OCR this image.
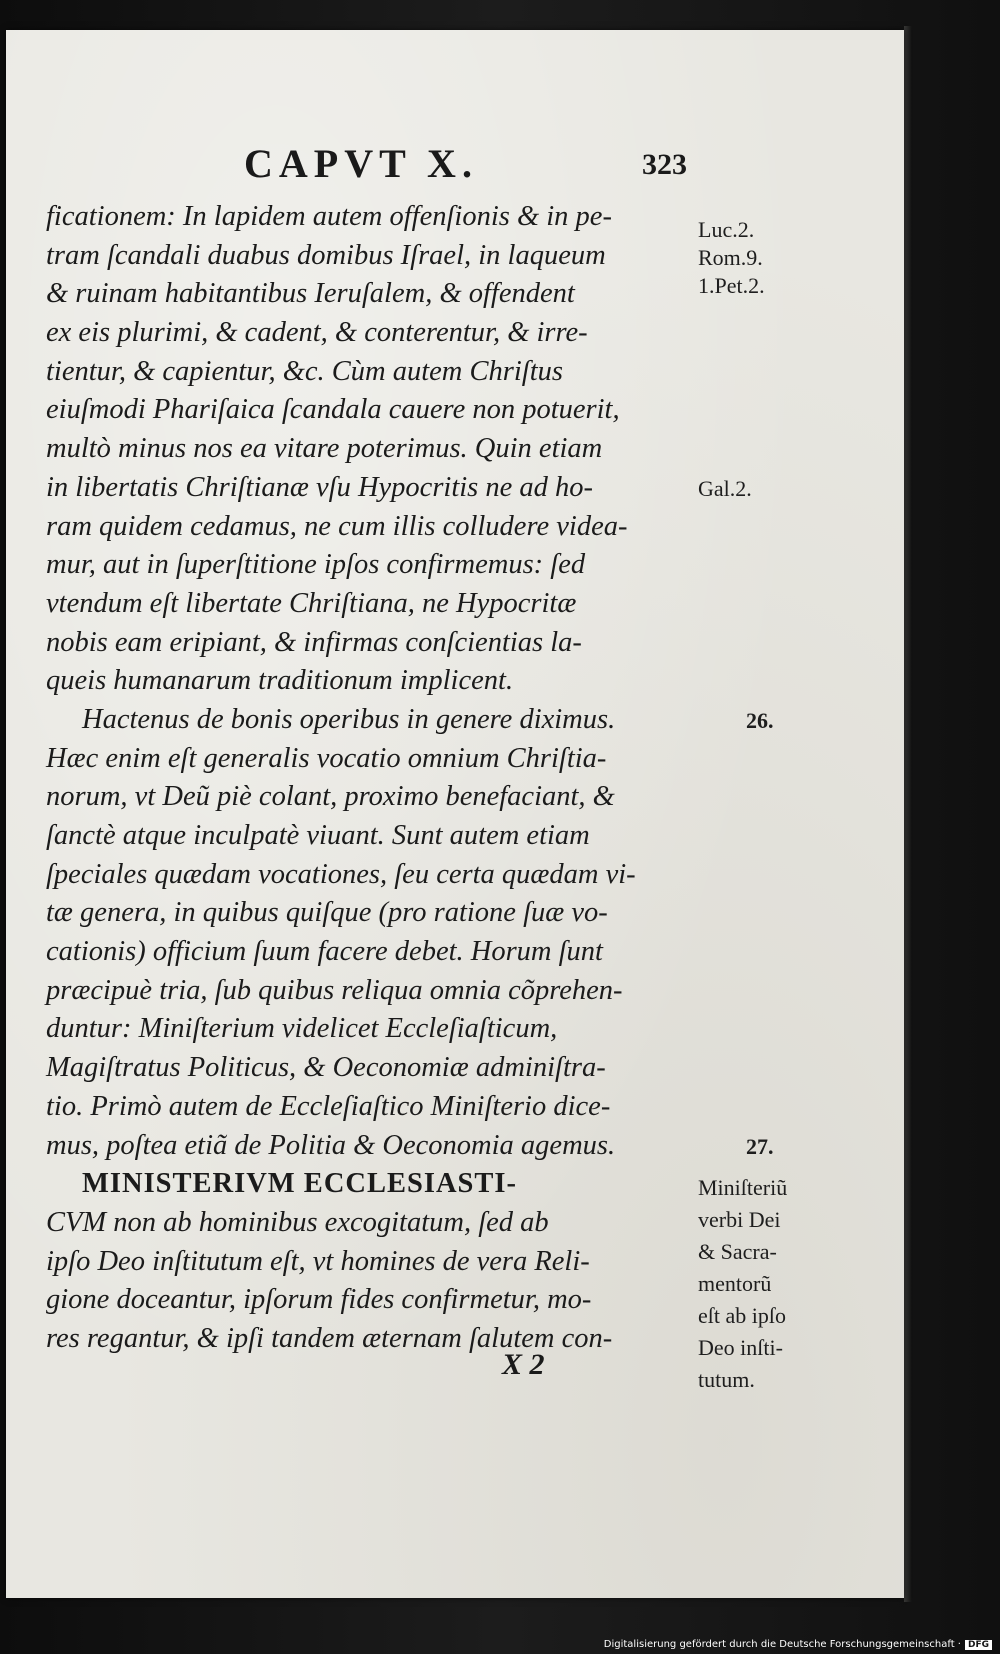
CAPVT X.	323
ficationem: In lapidem autem offenſionis & in pe-
tram ſcandali duabus domibus Iſrael, in laqueum
& ruinam habitantibus Ieruſalem, & offendent
ex eis plurimi, & cadent, & conterentur, & irre-
tientur, & capientur, &c. Cùm autem Chriſtus
eiuſmodi Phariſaica ſcandala cauere non potuerit,
multò minus nos ea vitare poterimus. Quin etiam
in libertatis Chriſtianæ vſu Hypocritis ne ad ho-
ram quidem cedamus, ne cum illis colludere videa-
mur, aut in ſuperſtitione ipſos confirmemus: ſed
vtendum eſt libertate Chriſtiana, ne Hypocritæ
nobis eam eripiant, & infirmas conſcientias la-
queis humanarum traditionum implicent.
Hactenus de bonis operibus in genere diximus.
Hæc enim eſt generalis vocatio omnium Chriſtia-
norum, vt Deũ piè colant, proximo benefaciant, &
ſanctè atque inculpatè viuant. Sunt autem etiam
ſpeciales quædam vocationes, ſeu certa quædam vi-
tæ genera, in quibus quiſque (pro ratione ſuæ vo-
cationis) officium ſuum facere debet. Horum ſunt
præcipuè tria, ſub quibus reliqua omnia cõprehen-
duntur: Miniſterium videlicet Eccleſiaſticum,
Magiſtratus Politicus, & Oeconomiæ adminiſtra-
tio. Primò autem de Eccleſiaſtico Miniſterio dice-
mus, poſtea etiã de Politia & Oeconomia agemus.
MINISTERIVM ECCLESIASTI-
CVM non ab hominibus excogitatum, ſed ab
ipſo Deo inſtitutum eſt, vt homines de vera Reli-
gione doceantur, ipſorum fides confirmetur, mo-
res regantur, & ipſi tandem æternam ſalutem con-
Luc.2.
Rom.9.
1.Pet.2.
Gal.2.
26.
27.
Miniſteriũ
verbi Dei
& Sacra-
mentorũ
eſt ab ipſo
Deo inſti-
tutum.
X 2
Digitalisierung gefördert durch die Deutsche Forschungsgemeinschaft · DFG
